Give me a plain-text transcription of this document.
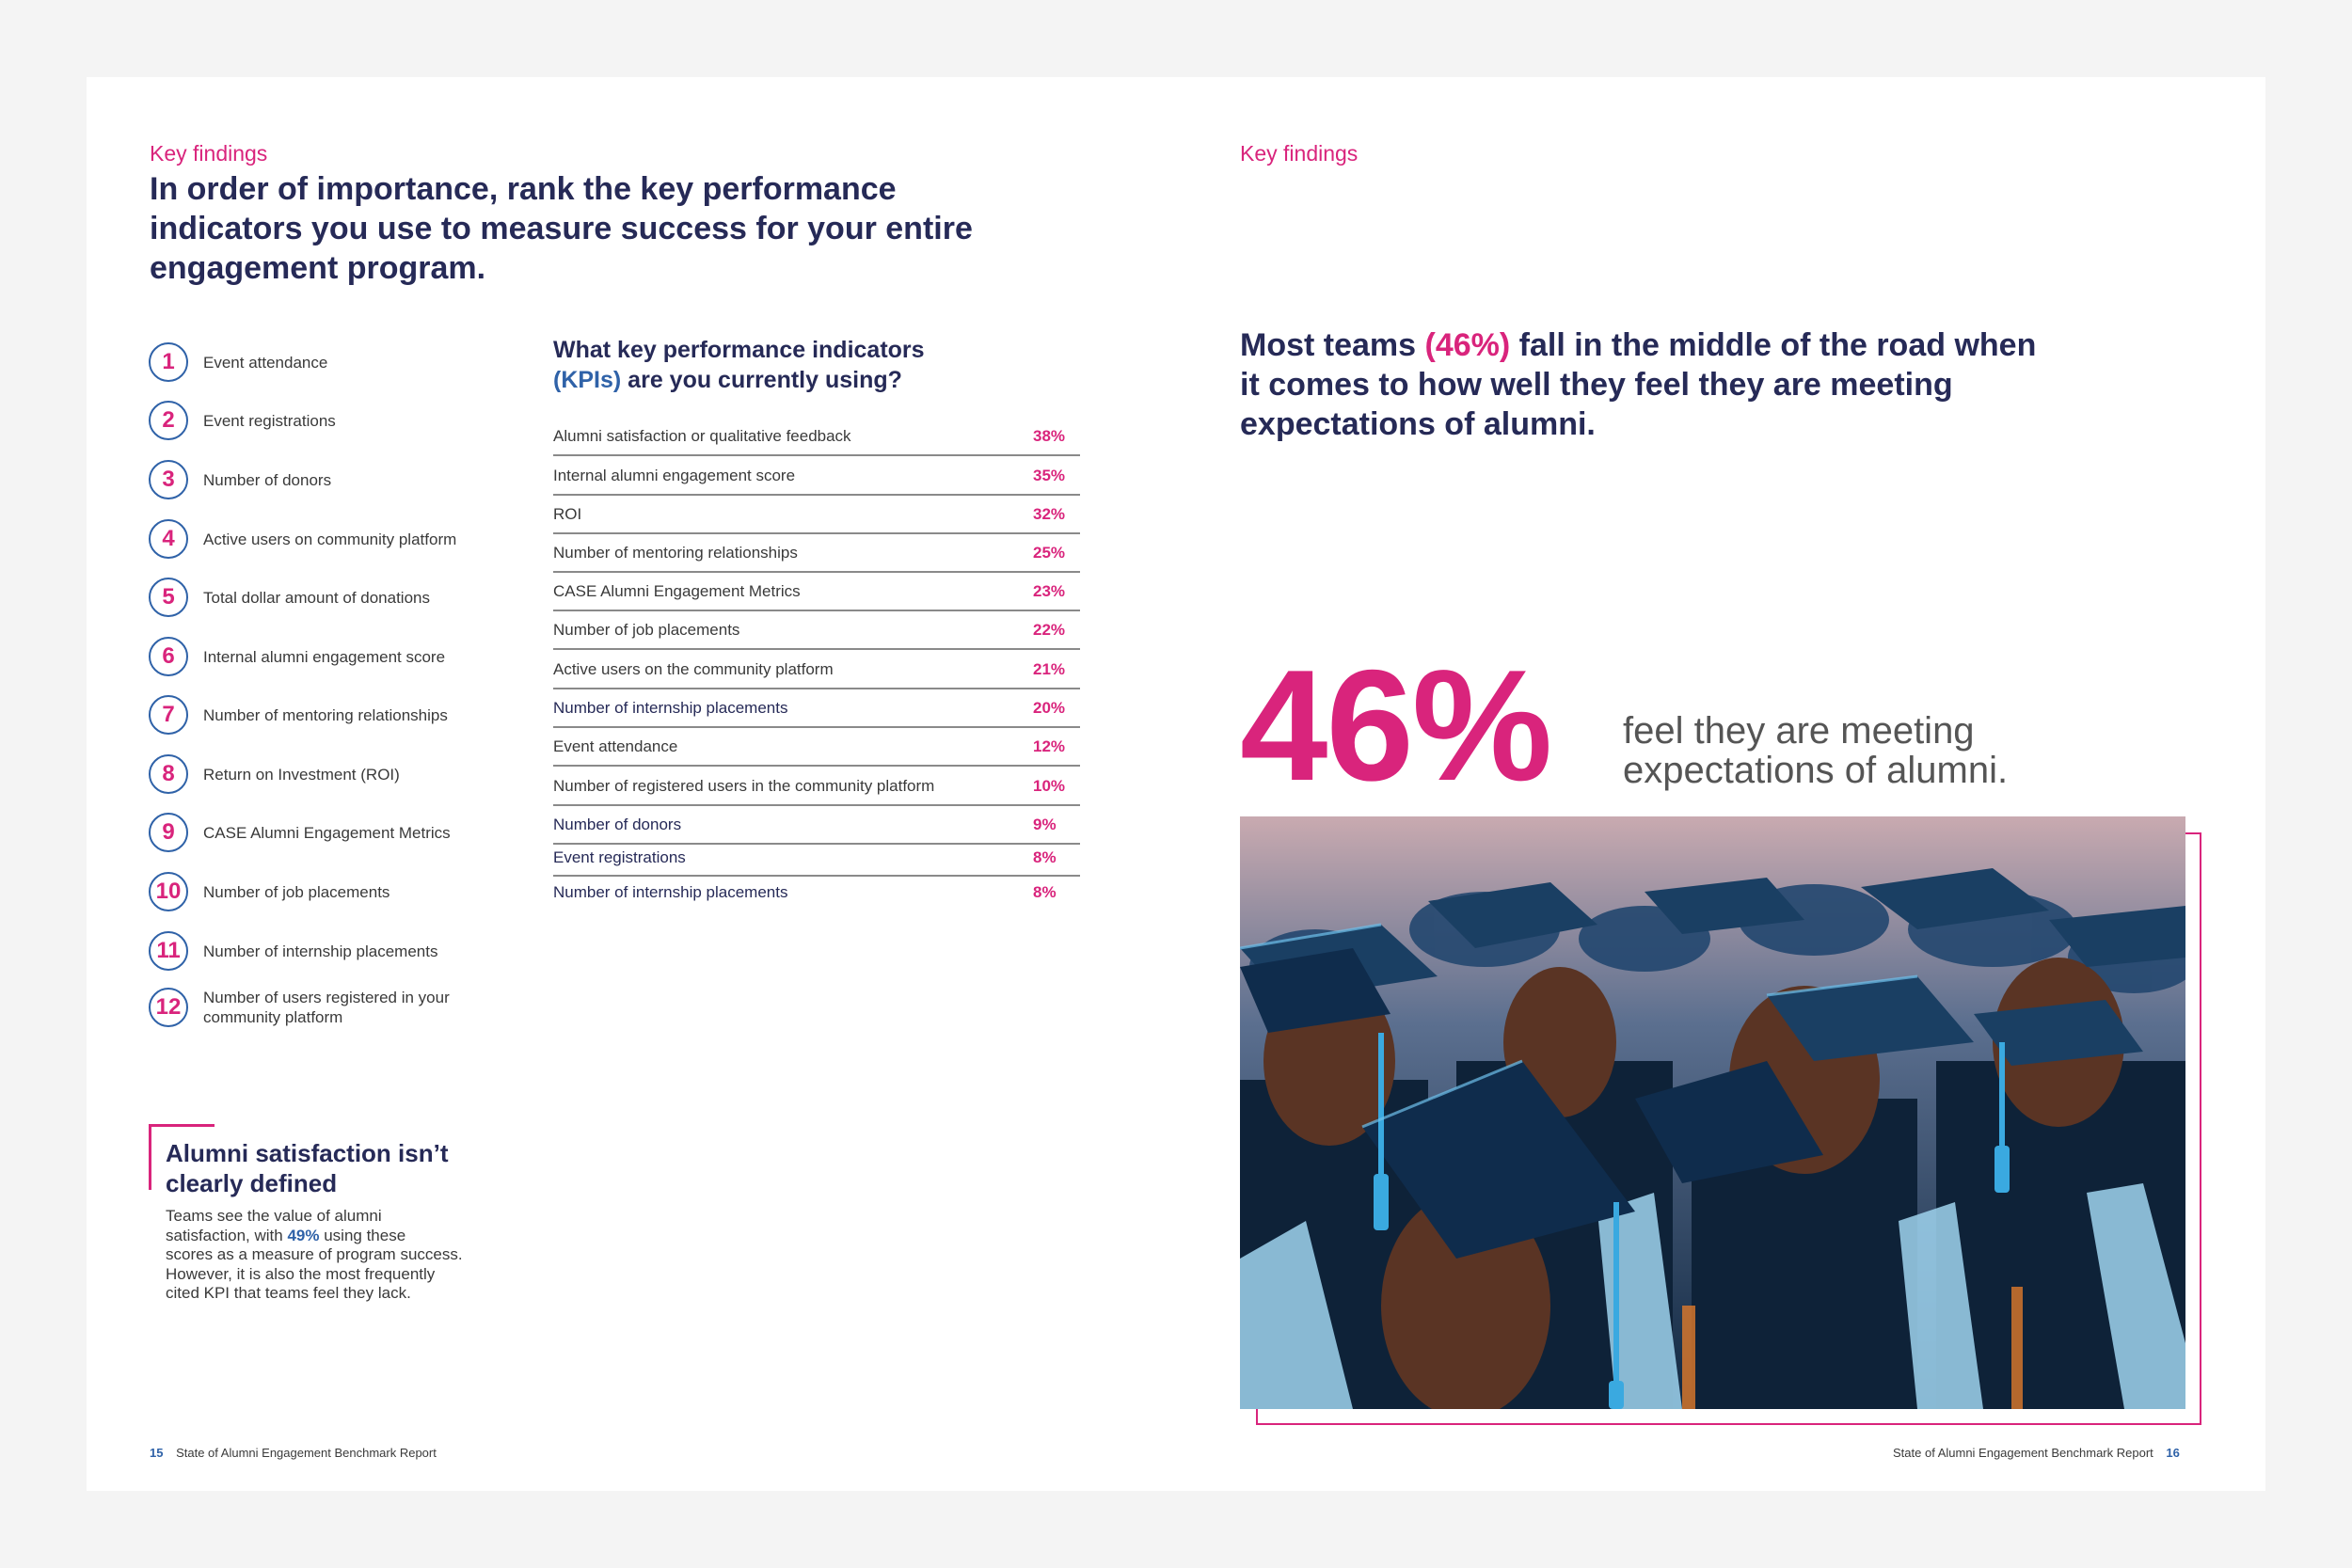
Key findings
In order of importance, rank the key performance
indicators you use to measure success for your entire
engagement program.
1	Event attendance
2	Event registrations
3	Number of donors
4	Active users on community platform
5	Total dollar amount of donations
6	Internal alumni engagement score
7	Number of mentoring relationships
8	Return on Investment (ROI)
9	CASE Alumni Engagement Metrics
10	Number of job placements
11	Number of internship placements
12	Number of users registered in your community platform
What key performance indicators
(KPIs) are you currently using?
Alumni satisfaction or qualitative feedback	38%
Internal alumni engagement score	35%
ROI	32%
Number of mentoring relationships	25%
CASE Alumni Engagement Metrics	23%
Number of job placements	22%
Active users on the community platform	21%
Number of internship placements	20%
Event attendance	12%
Number of registered users in the community platform	10%
Number of donors	9%
Event registrations	8%
Number of internship placements	8%
Alumni satisfaction isn’t
clearly defined
Teams see the value of alumni
satisfaction, with 49% using these
scores as a measure of program success.
However, it is also the most frequently
cited KPI that teams feel they lack.
15 State of Alumni Engagement Benchmark Report
Key findings
Most teams (46%) fall in the middle of the road when
it comes to how well they feel they are meeting
expectations of alumni.
46% feel they are meeting
expectations of alumni.
State of Alumni Engagement Benchmark Report 16
